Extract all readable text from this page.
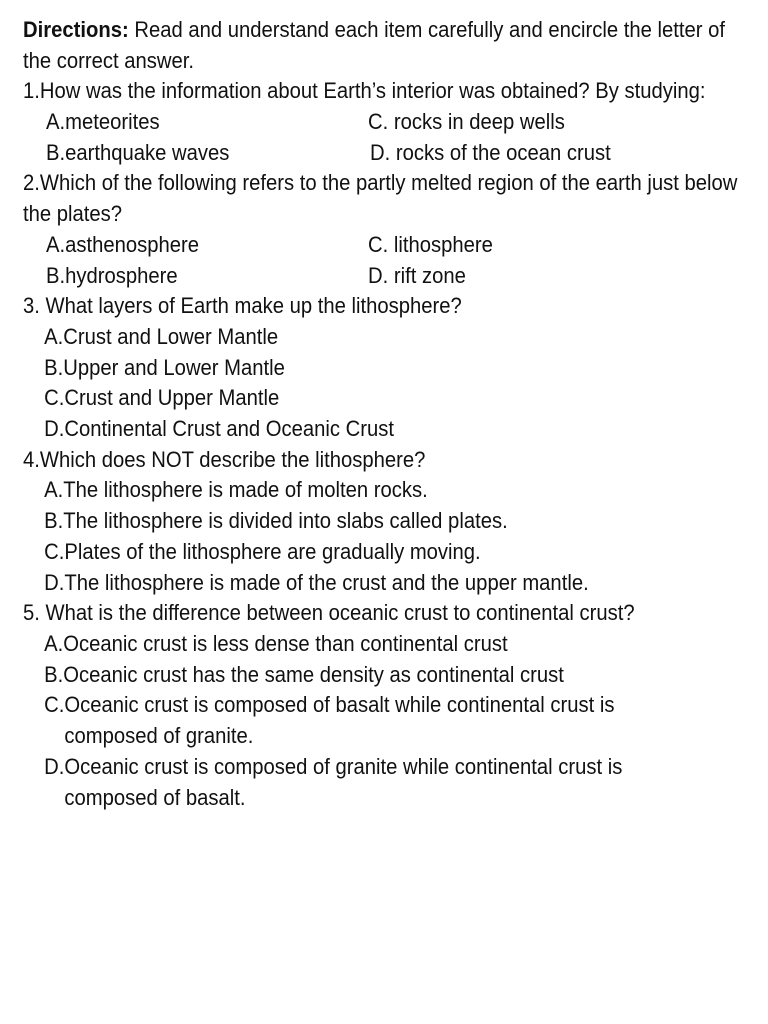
Directions: Read and understand each item carefully and encircle the letter of the correct answer.
1.How was the information about Earth’s interior was obtained? By studying:
A.meteorites	C. rocks in deep wells
B.earthquake waves	D. rocks of the ocean crust
2.Which of the following refers to the partly melted region of the earth just below the plates?
A.asthenosphere	C. lithosphere
B.hydrosphere	D. rift zone
3. What layers of Earth make up the lithosphere?
A.Crust and Lower Mantle
B.Upper and Lower Mantle
C.Crust and Upper Mantle
D.Continental Crust and Oceanic Crust
4.Which does NOT describe the lithosphere?
A.The lithosphere is made of molten rocks.
B.The lithosphere is divided into slabs called plates.
C.Plates of the lithosphere are gradually moving.
D.The lithosphere is made of the crust and the upper mantle.
5. What is the difference between oceanic crust to continental crust?
A.Oceanic crust is less dense than continental crust
B.Oceanic crust has the same density as continental crust
C.Oceanic crust is composed of basalt while continental crust is
composed of granite.
D.Oceanic crust is composed of granite while continental crust is
composed of basalt.
